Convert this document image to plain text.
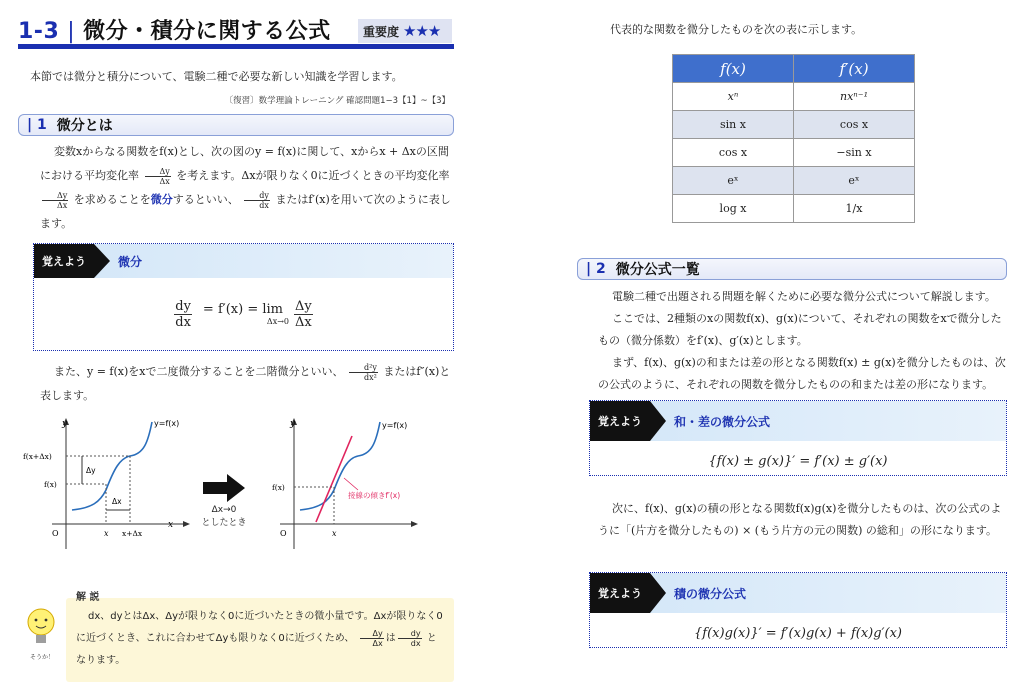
1-3 | 微分・積分に関する公式	重要度 ★★★
本節では微分と積分について、電験二種で必要な新しい知識を学習します。
〔復習〕数学理論トレーニング 確認問題1−3【1】~【3】
| 1 微分とは
変数xからなる関数をf(x)とし、次の図のy = f(x)に関して、xからx + Δxの区間における平均変化率 $\frac{\Delta y}{\Delta x}$ を考えます。Δxが限りなく0に近づくときの平均変化率
$\frac{\Delta y}{\Delta x}$ を求めることを微分するといい、 $\frac{dy}{dx}$ またはf′(x)を用いて次のように表します。
覚えよう	微分
$\frac{dy}{dx} = f'(x) = \lim$
$\Delta x\to 0 \frac{\Delta y}{\Delta x}$
また、y = f(x)をxで二度微分することを二階微分といい、 $\frac{\text{d²y}}{\text{dx²}}$ またはf″(x)と表します。
y
x
O
y=f(x)
f(x+Δx)
f(x)
Δy
Δx
x x+Δx
Δx→0
としたとき
y
O
y=f(x)
f(x)
x
接線の傾きf′(x)
解 説
そうか！
dx、dyとはΔx、Δyが限りなく0に近づいたときの微小量です。Δxが限りなく0に近づくとき、これに合わせてΔyも限りなく0に近づくため、 $\frac{\Delta y}{\Delta x}$ は $\frac{dy}{dx}$ となります。
代表的な関数を微分したものを次の表に示します。
f(x)	f′(x)
xⁿ	nxⁿ⁻¹
sin x	cos x
cos x	−sin x
eˣ	eˣ
log x	1/x
| 2 微分公式一覧
電験二種で出題される問題を解くために必要な微分公式について解説します。
ここでは、2種類のxの関数f(x)、g(x)について、それぞれの関数をxで微分したもの（微分係数）をf′(x)、g′(x)とします。
まず、f(x)、g(x)の和または差の形となる関数f(x) ± g(x)を微分したものは、次の公式のように、それぞれの関数を微分したものの和または差の形になります。
覚えよう	和・差の微分公式
{f(x) ± g(x)}′ = f′(x) ± g′(x)
次に、f(x)、g(x)の積の形となる関数f(x)g(x)を微分したものは、次の公式のように「(片方を微分したもの) × (もう片方の元の関数) の総和」の形になります。
覚えよう	積の微分公式
{f(x)g(x)}′ = f′(x)g(x) + f(x)g′(x)
